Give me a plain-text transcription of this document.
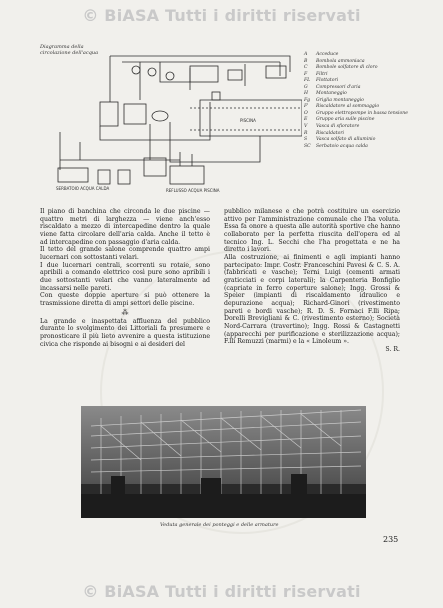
© BiASA Tutti i diritti riservati
PISCINA
SERBATOIO ACQUA CALDA	REFLUSSO ACQUA PISCINA
Diagramma della circolazione dell'acqua	A	Acceduce
B	Bombola ammoniaca
C	Bombole solfatore di cloro
F	Filtri
FL	Flottatori
G	Compressori d'aria
H	Montaneggio
Fg	Griglia montaneggio
F'	Riscaldatore al sommaggio
O	Gruppo elettropompe in bassa tensione
E	Gruppo aria sulle piscine
V	Vasca di sfioratore
R	Riscaldatori
S	Vasca solfato di alluminio
SC	Serbatoio acqua calda

Il piano di banchina che circonda le due piscine — quattro metri di larghezza — viene anch'esso riscaldato a mezzo di intercapedine dentro la quale viene fatta circolare dell'aria calda. Anche il tetto è ad intercapedine con passaggio d'aria calda.

Il tetto del grande salone comprende quattro ampi lucernari con sottostanti velari.

I due lucernari centrali, scorrenti su rotaie, sono apribili a comando elettrico così pure sono apribili i due sottostanti velari che vanno lateralmente ad incassarsi nelle pareti.

Con queste doppie aperture si può ottenere la trasmissione diretta di ampi settori delle piscine.

⁂

La grande e inaspettata affluenza del pubblico durante lo svolgimento dei Littoriali fa presumere e pronosticare il più lieto avvenire a questa istituzione civica che risponde ai bisogni e ai desideri del

pubblico milanese e che potrà costituire un esercizio attivo per l'amministrazione comunale che l'ha voluta. Essa fa onore a questa alle autorità sportive che hanno collaborato per la perfetta riuscita dell'opera ed al tecnico Ing. L. Secchi che l'ha progettata e ne ha diretto i lavori.

Alla costruzione, ai finimenti e agli impianti hanno partecipato: Impr. Costr. Franceschini Pavesi & C. S. A. (fabbricati e vasche); Terni Luigi (cementi armati graticciati e corpi laterali); la Carpenteria Bonfiglio (capriate in ferro coperture salone); Ingg. Grossi & Speier (impianti di riscaldamento idraulico e depurazione acqua); Richard-Ginori (rivestimento pareti e bordi vasche); R. D. S. Fornaci F.lli Ripa; Dorelli Brevigliani & C. (rivestimento esterno); Società Nord-Carrara (travertino); Ingg. Rossi & Castagnetti (apparecchi per purificazione e sterilizzazione acqua); F.lli Remuzzi (marmi) e la « Linoleum ».

S. R.

Veduta generale dei ponteggi e delle armature
235
© BiASA Tutti i diritti riservati
